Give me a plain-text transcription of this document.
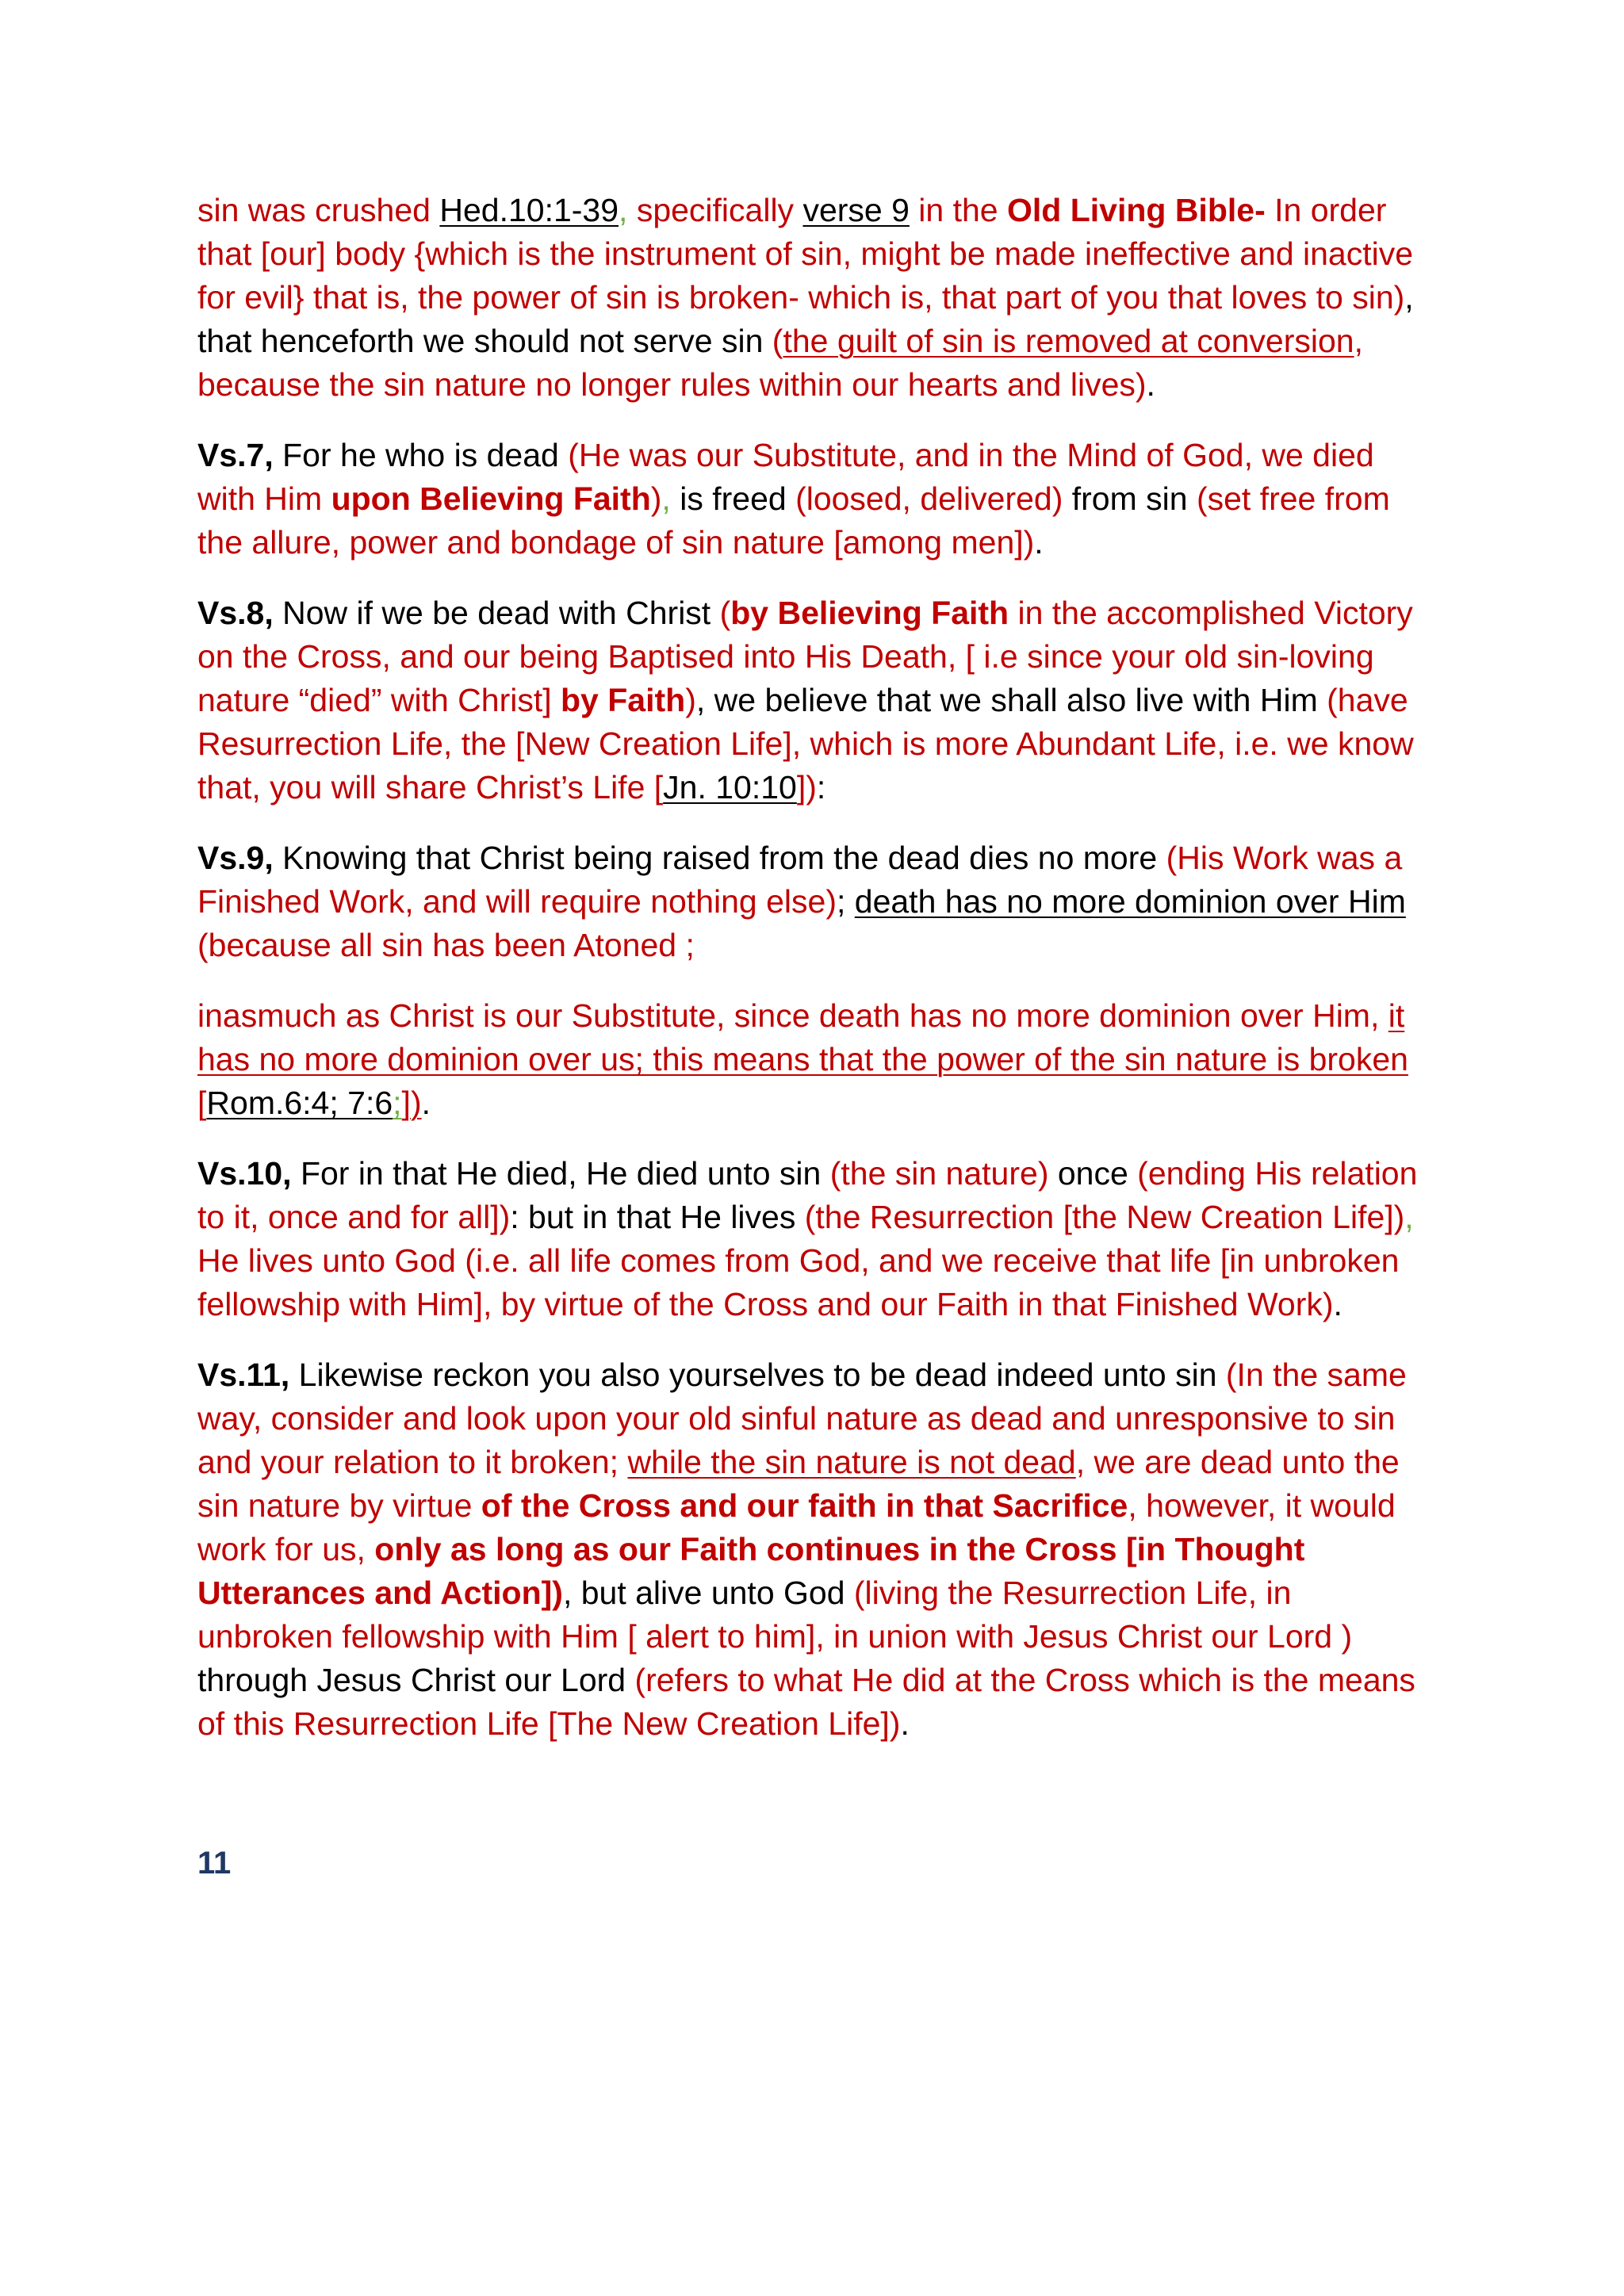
sin was crushed Hed.10:1-39, specifically verse 9 in the Old Living Bible- In order that [our] body {which is the instrument of sin, might be made ineffective and inactive for evil} that is, the power of sin is broken- which is, that part of you that loves to sin), that henceforth we should not serve sin (the guilt of sin is removed at conversion, because the sin nature no longer rules within our hearts and lives).

Vs.7, For he who is dead (He was our Substitute, and in the Mind of God, we died with Him upon Believing Faith), is freed (loosed, delivered) from sin (set free from the allure, power and bondage of sin nature [among men]).

Vs.8, Now if we be dead with Christ (by Believing Faith in the accomplished Victory on the Cross, and our being Baptised into His Death, [ i.e since your old sin-loving nature “died” with Christ] by Faith), we believe that we shall also live with Him (have Resurrection Life, the [New Creation Life], which is more Abundant Life, i.e. we know that, you will share Christ’s Life [Jn. 10:10]):

Vs.9, Knowing that Christ being raised from the dead dies no more (His Work was a Finished Work, and will require nothing else); death has no more dominion over Him (because all sin has been Atoned ;

inasmuch as Christ is our Substitute, since death has no more dominion over Him, it has no more dominion over us; this means that the power of the sin nature is broken [Rom.6:4; 7:6;]).

Vs.10, For in that He died, He died unto sin (the sin nature) once (ending His relation to it, once and for all]): but in that He lives (the Resurrection [the New Creation Life]), He lives unto God (i.e. all life comes from God, and we receive that life [in unbroken fellowship with Him], by virtue of the Cross and our Faith in that Finished Work).

Vs.11, Likewise reckon you also yourselves to be dead indeed unto sin (In the same way, consider and look upon your old sinful nature as dead and unresponsive to sin and your relation to it broken; while the sin nature is not dead, we are dead unto the sin nature by virtue of the Cross and our faith in that Sacrifice, however, it would work for us, only as long as our Faith continues in the Cross [in Thought Utterances and Action]), but alive unto God (living the Resurrection Life, in unbroken fellowship with Him [ alert to him], in union with Jesus Christ our Lord ) through Jesus Christ our Lord (refers to what He did at the Cross which is the means of this Resurrection Life [The New Creation Life]).

11
